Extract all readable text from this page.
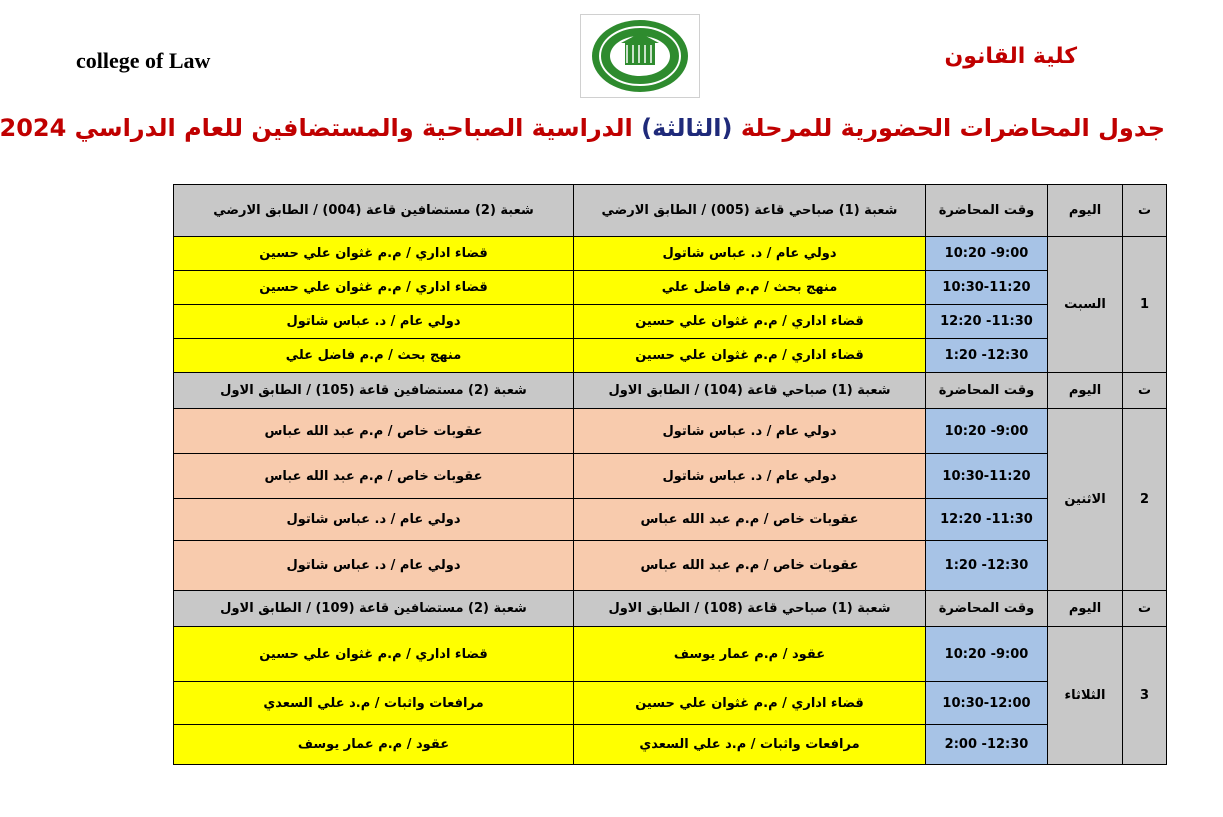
college of Law	كلية القانون
جدول المحاضرات الحضورية للمرحلة (الثالثة) الدراسية الصباحية والمستضافين للعام الدراسي 2024
ت	اليوم	وقت المحاضرة	شعبة (1) صباحي قاعة (005) / الطابق الارضي	شعبة (2) مستضافين قاعة (004) / الطابق الارضي
1	السبت	9:00- 10:20	دولي عام / د. عباس شاتول	قضاء اداري / م.م غثوان علي حسين
		10:30-11:20	منهج بحث / م.م فاضل علي	قضاء اداري / م.م غثوان علي حسين
		11:30- 12:20	قضاء اداري / م.م غثوان علي حسين	دولي عام / د. عباس شاتول
		12:30- 1:20	قضاء اداري / م.م غثوان علي حسين	منهج بحث / م.م فاضل علي
ت	اليوم	وقت المحاضرة	شعبة (1) صباحي قاعة (104) / الطابق الاول	شعبة (2) مستضافين قاعة (105) / الطابق الاول
2	الاثنين	9:00- 10:20	دولي عام / د. عباس شاتول	عقوبات خاص / م.م عبد الله عباس
		10:30-11:20	دولي عام / د. عباس شاتول	عقوبات خاص / م.م عبد الله عباس
		11:30- 12:20	عقوبات خاص / م.م عبد الله عباس	دولي عام / د. عباس شاتول
		12:30- 1:20	عقوبات خاص / م.م عبد الله عباس	دولي عام / د. عباس شاتول
ت	اليوم	وقت المحاضرة	شعبة (1) صباحي قاعة (108) / الطابق الاول	شعبة (2) مستضافين قاعة (109) / الطابق الاول
3	الثلاثاء	9:00- 10:20	عقود / م.م عمار يوسف	قضاء اداري / م.م غثوان علي حسين
		10:30-12:00	قضاء اداري / م.م غثوان علي حسين	مرافعات واثبات / م.د علي السعدي
		12:30- 2:00	مرافعات واثبات / م.د علي السعدي	عقود / م.م عمار يوسف
